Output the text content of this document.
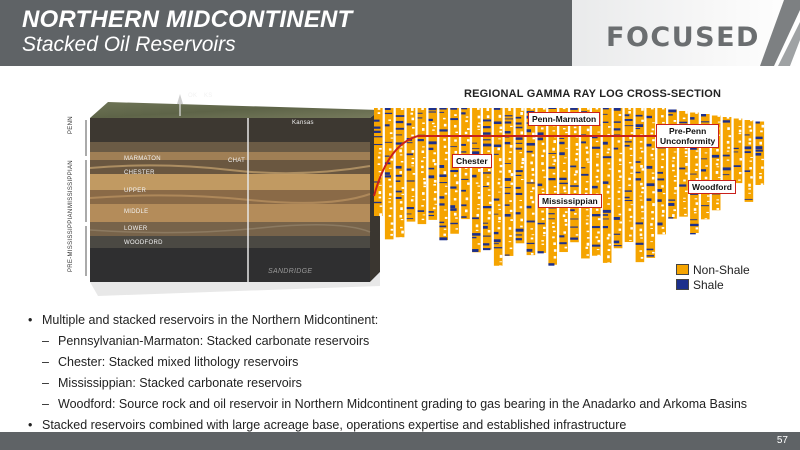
NORTHERN MIDCONTINENT
Stacked Oil Reservoirs	FOCUSED
OK KS
PENN
MISSISSIPPIAN
PRE-MISSISSIPPIAN
MARMATON
CHESTER
UPPER
MIDDLE
LOWER
WOODFORD
CHAT
Kansas
SANDRIDGE
REGIONAL GAMMA RAY LOG CROSS-SECTION
Penn-Marmaton
Pre-Penn
Unconformity
Chester
Woodford
Mississippian
Non-Shale
Shale
• Multiple and stacked reservoirs in the Northern Midcontinent:
– Pennsylvanian-Marmaton: Stacked carbonate reservoirs
– Chester: Stacked mixed lithology reservoirs
– Mississippian: Stacked carbonate reservoirs
– Woodford: Source rock and oil reservoir in Northern Midcontinent grading to gas bearing in the Anadarko and Arkoma Basins
• Stacked reservoirs combined with large acreage base, operations expertise and established infrastructure
57
